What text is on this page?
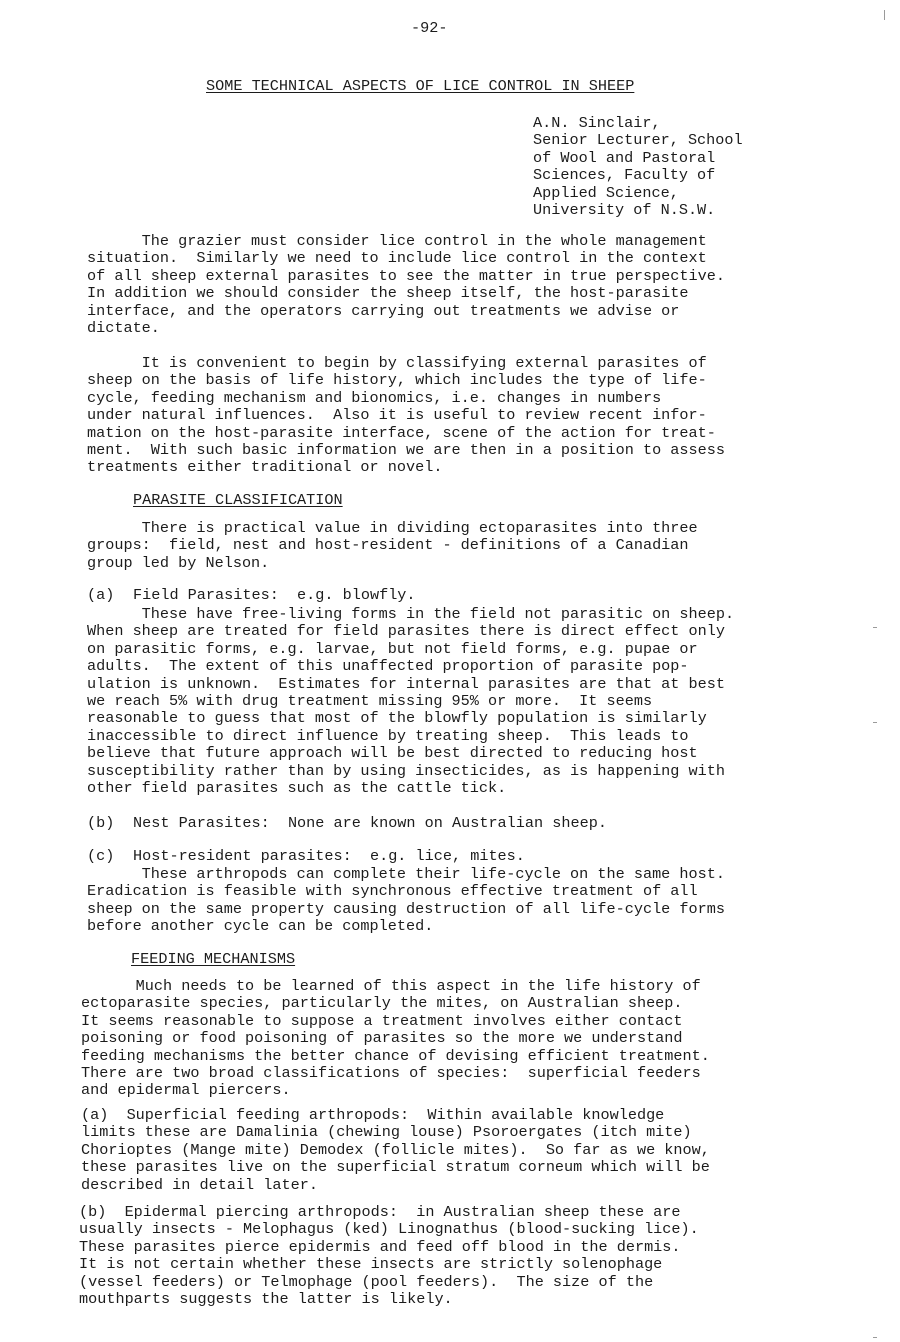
-92-
SOME TECHNICAL ASPECTS OF LICE CONTROL IN SHEEP
A.N. Sinclair,
Senior Lecturer, School
of Wool and Pastoral
Sciences, Faculty of
Applied Science,
University of N.S.W.
The grazier must consider lice control in the whole management
situation.  Similarly we need to include lice control in the context
of all sheep external parasites to see the matter in true perspective.
In addition we should consider the sheep itself, the host-parasite
interface, and the operators carrying out treatments we advise or
dictate.
It is convenient to begin by classifying external parasites of
sheep on the basis of life history, which includes the type of life-
cycle, feeding mechanism and bionomics, i.e. changes in numbers
under natural influences.  Also it is useful to review recent infor-
mation on the host-parasite interface, scene of the action for treat-
ment.  With such basic information we are then in a position to assess
treatments either traditional or novel.
PARASITE CLASSIFICATION
There is practical value in dividing ectoparasites into three
groups:  field, nest and host-resident - definitions of a Canadian
group led by Nelson.
(a) Field Parasites:  e.g. blowfly.
These have free-living forms in the field not parasitic on sheep.
When sheep are treated for field parasites there is direct effect only
on parasitic forms, e.g. larvae, but not field forms, e.g. pupae or
adults.  The extent of this unaffected proportion of parasite pop-
ulation is unknown.  Estimates for internal parasites are that at best
we reach 5% with drug treatment missing 95% or more.  It seems
reasonable to guess that most of the blowfly population is similarly
inaccessible to direct influence by treating sheep.  This leads to
believe that future approach will be best directed to reducing host
susceptibility rather than by using insecticides, as is happening with
other field parasites such as the cattle tick.
(b) Nest Parasites:  None are known on Australian sheep.
(c) Host-resident parasites:  e.g. lice, mites.
These arthropods can complete their life-cycle on the same host.
Eradication is feasible with synchronous effective treatment of all
sheep on the same property causing destruction of all life-cycle forms
before another cycle can be completed.
FEEDING MECHANISMS
Much needs to be learned of this aspect in the life history of
ectoparasite species, particularly the mites, on Australian sheep.
It seems reasonable to suppose a treatment involves either contact
poisoning or food poisoning of parasites so the more we understand
feeding mechanisms the better chance of devising efficient treatment.
There are two broad classifications of species:  superficial feeders
and epidermal piercers.
(a)  Superficial feeding arthropods:  Within available knowledge
limits these are Damalinia (chewing louse) Psoroergates (itch mite)
Chorioptes (Mange mite) Demodex (follicle mites).  So far as we know,
these parasites live on the superficial stratum corneum which will be
described in detail later.
(b)  Epidermal piercing arthropods:  in Australian sheep these are
usually insects - Melophagus (ked) Linognathus (blood-sucking lice).
These parasites pierce epidermis and feed off blood in the dermis.
It is not certain whether these insects are strictly solenophage
(vessel feeders) or Telmophage (pool feeders).  The size of the
mouthparts suggests the latter is likely.
